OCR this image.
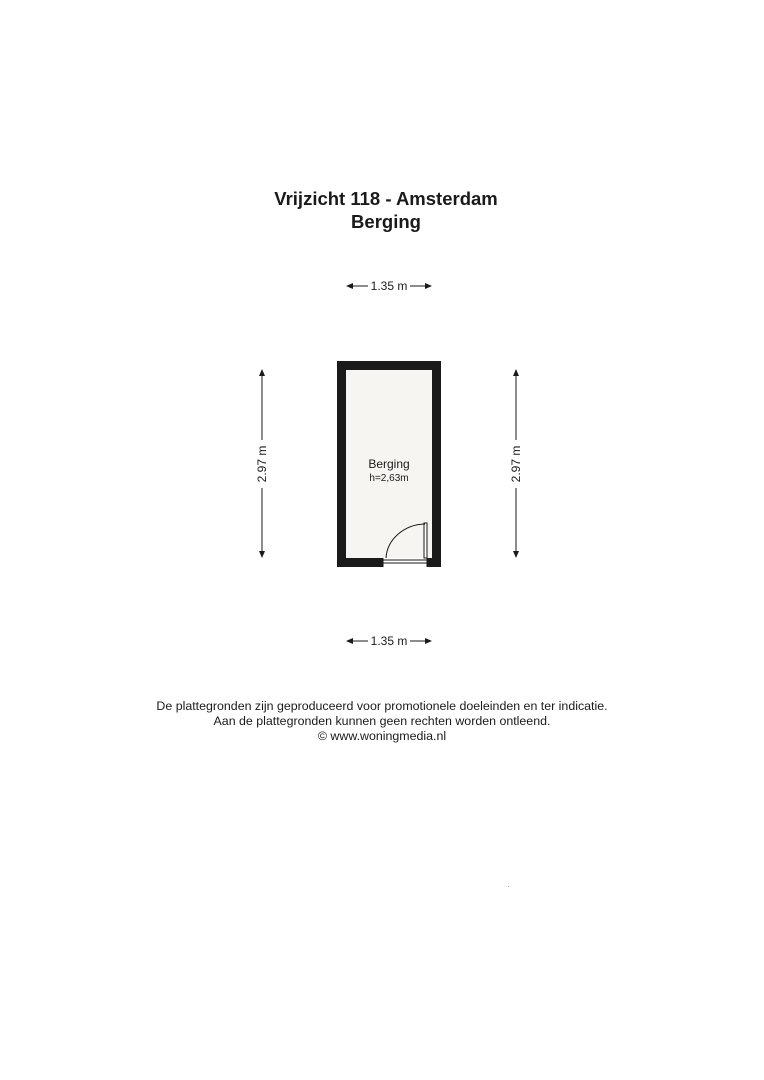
Vrijzicht 118 - Amsterdam
Berging
1.35 m
1.35 m
2.97 m	2.97 m
Berging
h=2,63m
De plattegronden zijn geproduceerd voor promotionele doeleinden en ter indicatie.
Aan de plattegronden kunnen geen rechten worden ontleend.
© www.woningmedia.nl
